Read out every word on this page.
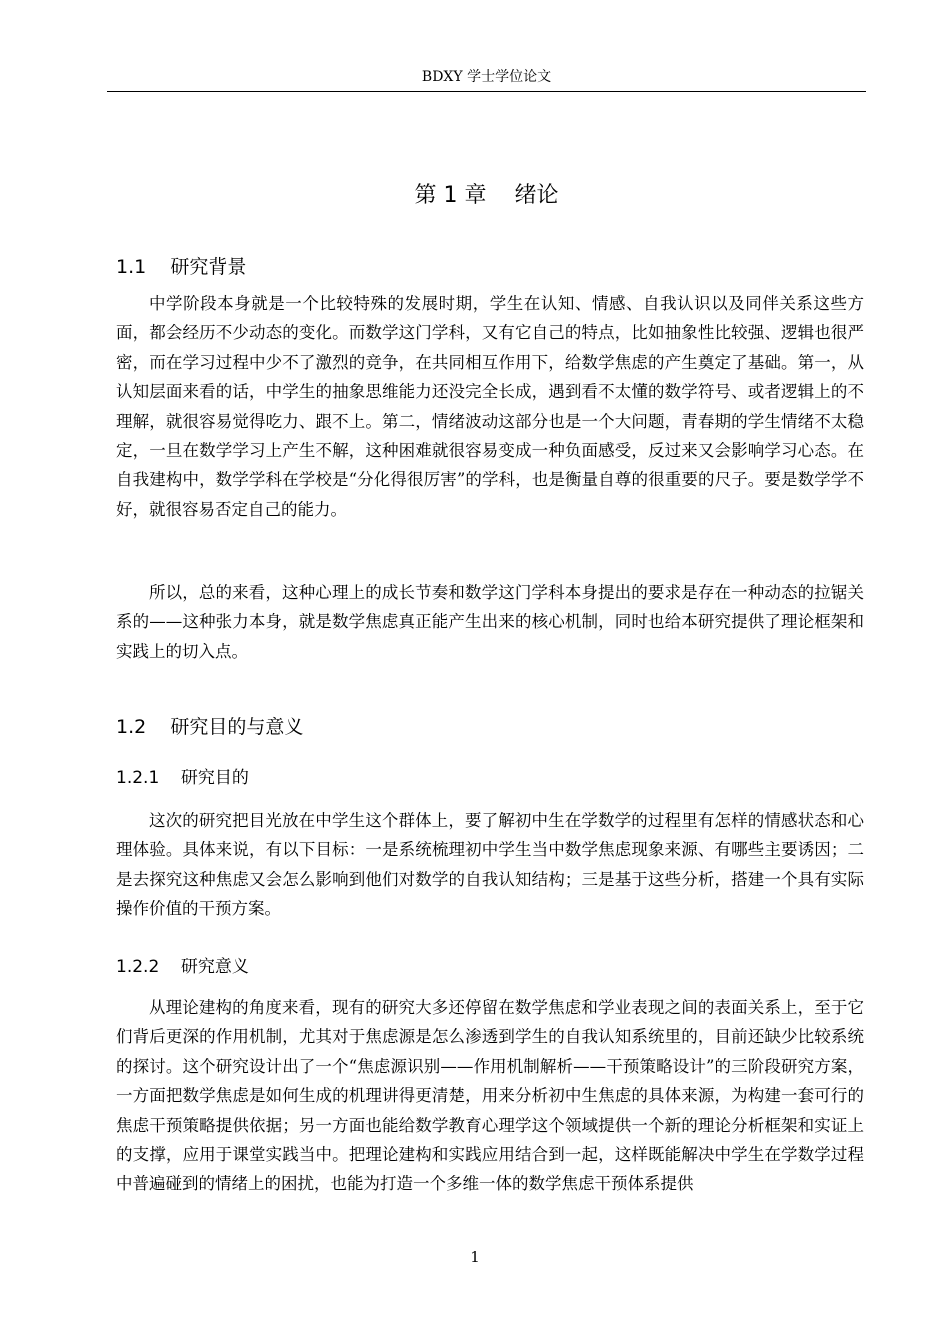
BDXY 学士学位论文
第 1 章    绪论
1.1    研究背景

中学阶段本身就是一个比较特殊的发展时期，学生在认知、情感、自我认识以及同伴关系这些方面，都会经历不少动态的变化。而数学这门学科，又有它自己的特点，比如抽象性比较强、逻辑也很严密，而在学习过程中少不了激烈的竞争，在共同相互作用下，给数学焦虑的产生奠定了基础。第一，从认知层面来看的话，中学生的抽象思维能力还没完全长成，遇到看不太懂的数学符号、或者逻辑上的不理解，就很容易觉得吃力、跟不上。第二，情绪波动这部分也是一个大问题，青春期的学生情绪不太稳定，一旦在数学学习上产生不解，这种困难就很容易变成一种负面感受，反过来又会影响学习心态。在自我建构中，数学学科在学校是“分化得很厉害”的学科，也是衡量自尊的很重要的尺子。要是数学学不好，就很容易否定自己的能力。

所以，总的来看，这种心理上的成长节奏和数学这门学科本身提出的要求是存在一种动态的拉锯关系的——这种张力本身，就是数学焦虑真正能产生出来的核心机制，同时也给本研究提供了理论框架和实践上的切入点。

1.2    研究目的与意义
1.2.1    研究目的

这次的研究把目光放在中学生这个群体上，要了解初中生在学数学的过程里有怎样的情感状态和心理体验。具体来说，有以下目标：一是系统梳理初中学生当中数学焦虑现象来源、有哪些主要诱因；二是去探究这种焦虑又会怎么影响到他们对数学的自我认知结构；三是基于这些分析，搭建一个具有实际操作价值的干预方案。

1.2.2    研究意义

从理论建构的角度来看，现有的研究大多还停留在数学焦虑和学业表现之间的表面关系上，至于它们背后更深的作用机制，尤其对于焦虑源是怎么渗透到学生的自我认知系统里的，目前还缺少比较系统的探讨。这个研究设计出了一个“焦虑源识别——作用机制解析——干预策略设计”的三阶段研究方案，一方面把数学焦虑是如何生成的机理讲得更清楚，用来分析初中生焦虑的具体来源，为构建一套可行的焦虑干预策略提供依据；另一方面也能给数学教育心理学这个领域提供一个新的理论分析框架和实证上的支撑，应用于课堂实践当中。把理论建构和实践应用结合到一起，这样既能解决中学生在学数学过程中普遍碰到的情绪上的困扰，也能为打造一个多维一体的数学焦虑干预体系提供

1
